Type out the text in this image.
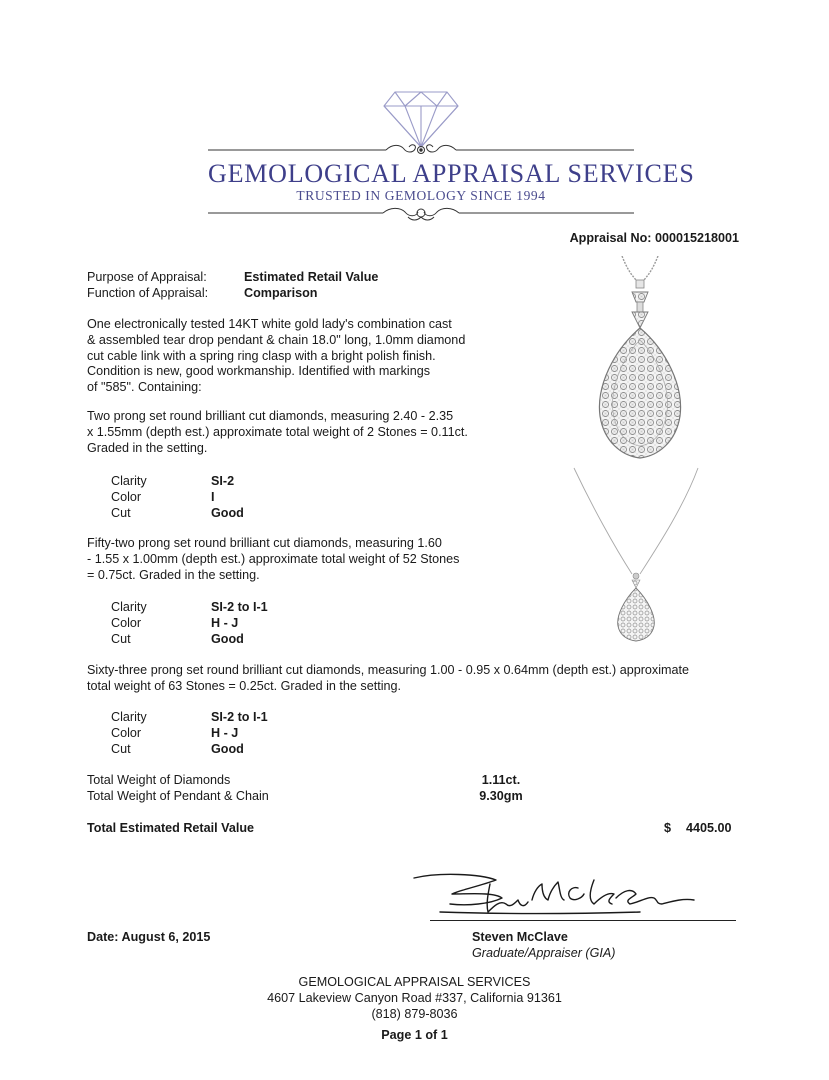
GEMOLOGICAL APPRAISAL SERVICES
TRUSTED IN GEMOLOGY SINCE 1994
Appraisal No: 000015218001
Purpose of Appraisal:	Estimated Retail Value
Function of Appraisal:	Comparison
One electronically tested 14KT white gold lady's combination cast
& assembled tear drop pendant & chain 18.0" long, 1.0mm diamond
cut cable link with a spring ring clasp with a bright polish finish.
Condition is new, good workmanship. Identified with markings
of "585". Containing:
Two prong set round brilliant cut diamonds, measuring 2.40 - 2.35
x 1.55mm (depth est.) approximate total weight of 2 Stones = 0.11ct.
Graded in the setting.
Clarity	SI-2
Color	I
Cut	Good
Fifty-two prong set round brilliant cut diamonds, measuring 1.60
- 1.55 x 1.00mm (depth est.) approximate total weight of 52 Stones
= 0.75ct. Graded in the setting.
Clarity	SI-2 to I-1
Color	H - J
Cut	Good
Sixty-three prong set round brilliant cut diamonds, measuring 1.00 - 0.95 x 0.64mm (depth est.) approximate
total weight of 63 Stones = 0.25ct. Graded in the setting.
Clarity	SI-2 to I-1
Color	H - J
Cut	Good
Total Weight of Diamonds	1.11ct.
Total Weight of Pendant & Chain	9.30gm
Total Estimated Retail Value	$ 4405.00
Date: August 6, 2015	Steven McClave
Graduate/Appraiser (GIA)
GEMOLOGICAL APPRAISAL SERVICES
4607 Lakeview Canyon Road #337, California 91361
(818) 879-8036
Page 1 of 1
